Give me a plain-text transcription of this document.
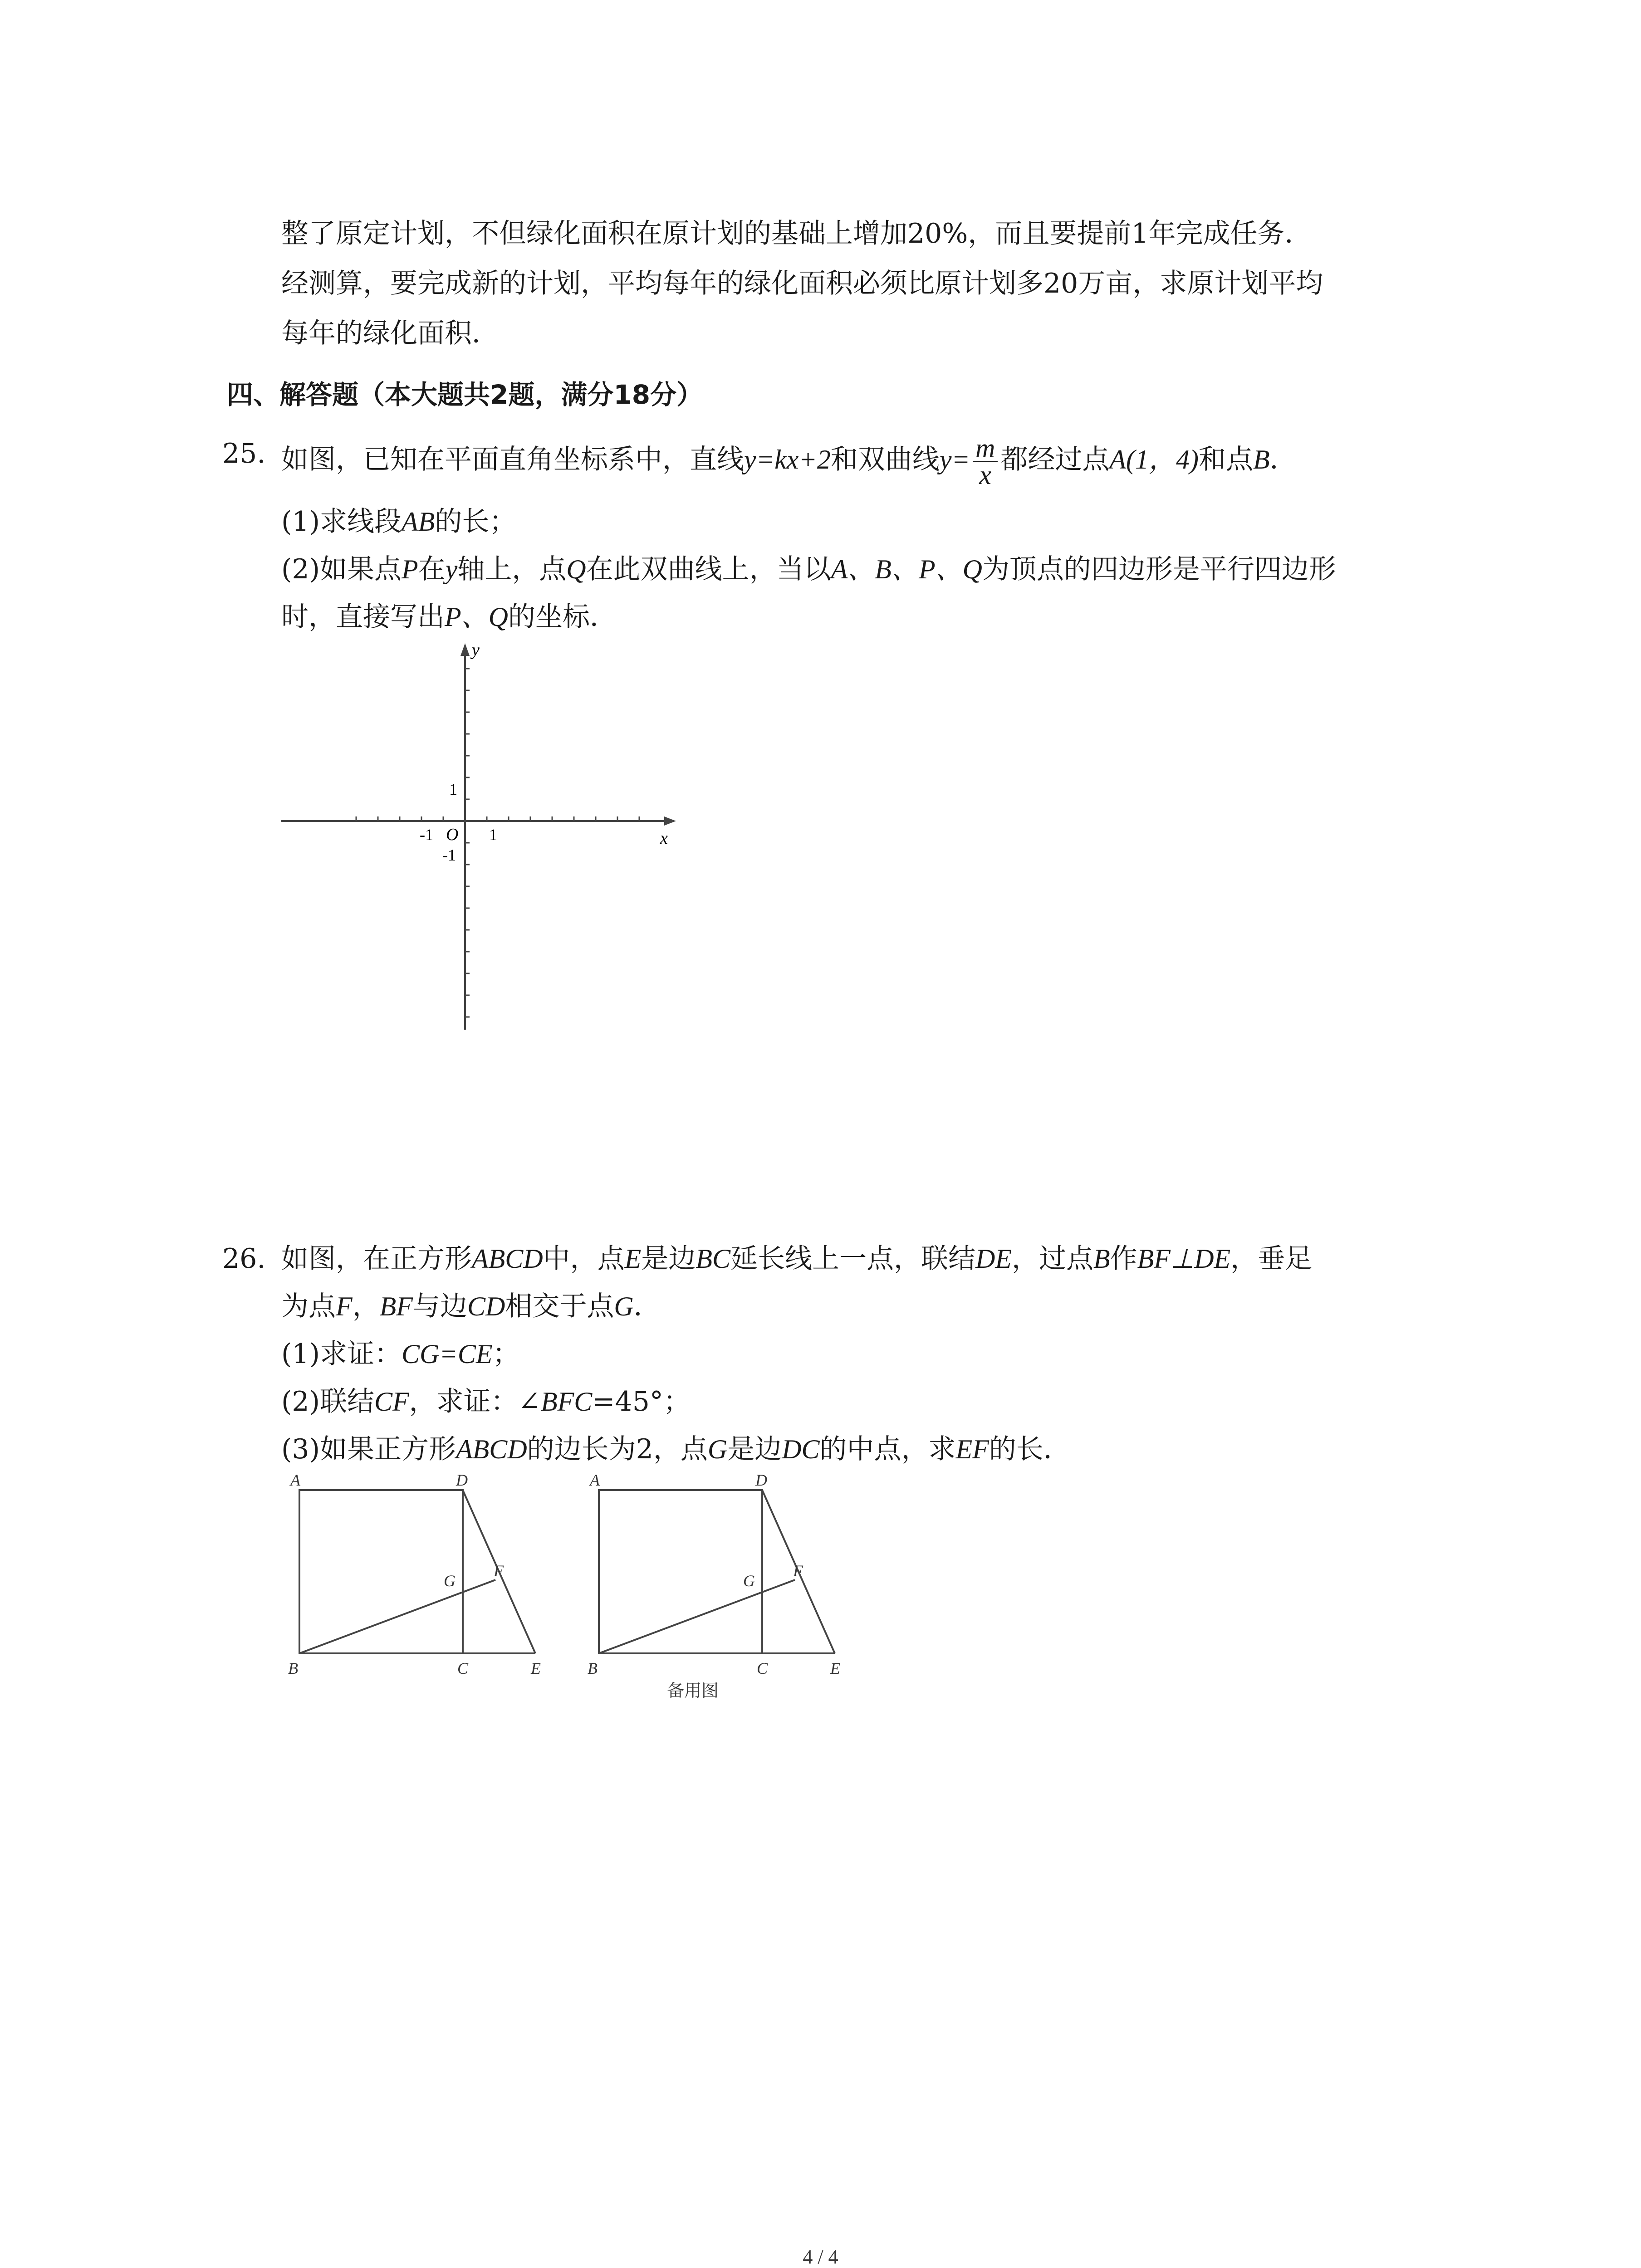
整了原定计划，不但绿化面积在原计划的基础上增加20%，而且要提前1年完成任务．
经测算，要完成新的计划，平均每年的绿化面积必须比原计划多20万亩，求原计划平均
每年的绿化面积．
四、解答题（本大题共2题，满分18分）
25. 如图，已知在平面直角坐标系中，直线y=kx+2和双曲线$y= \frac{m}{x}$ 都经过点A(1，4)和点B．
(1)求线段AB的长；
(2)如果点P在y轴上，点Q在此双曲线上，当以A、B、P、Q为顶点的四边形是平行四边形
时，直接写出P、Q的坐标．
y
x
O 1
-1
1
-1
26. 如图，在正方形ABCD中，点E是边BC延长线上一点，联结DE，过点B作BF⊥DE，垂足
为点F，BF与边CD相交于点G．
(1)求证：CG=CE；
(2)联结CF，求证：∠BFC=45°；
(3)如果正方形ABCD的边长为2，点G是边DC的中点，求EF的长．
A	D
B	C	E
F
G
A	D
B	C	E
F
G
备用图
4 / 4
